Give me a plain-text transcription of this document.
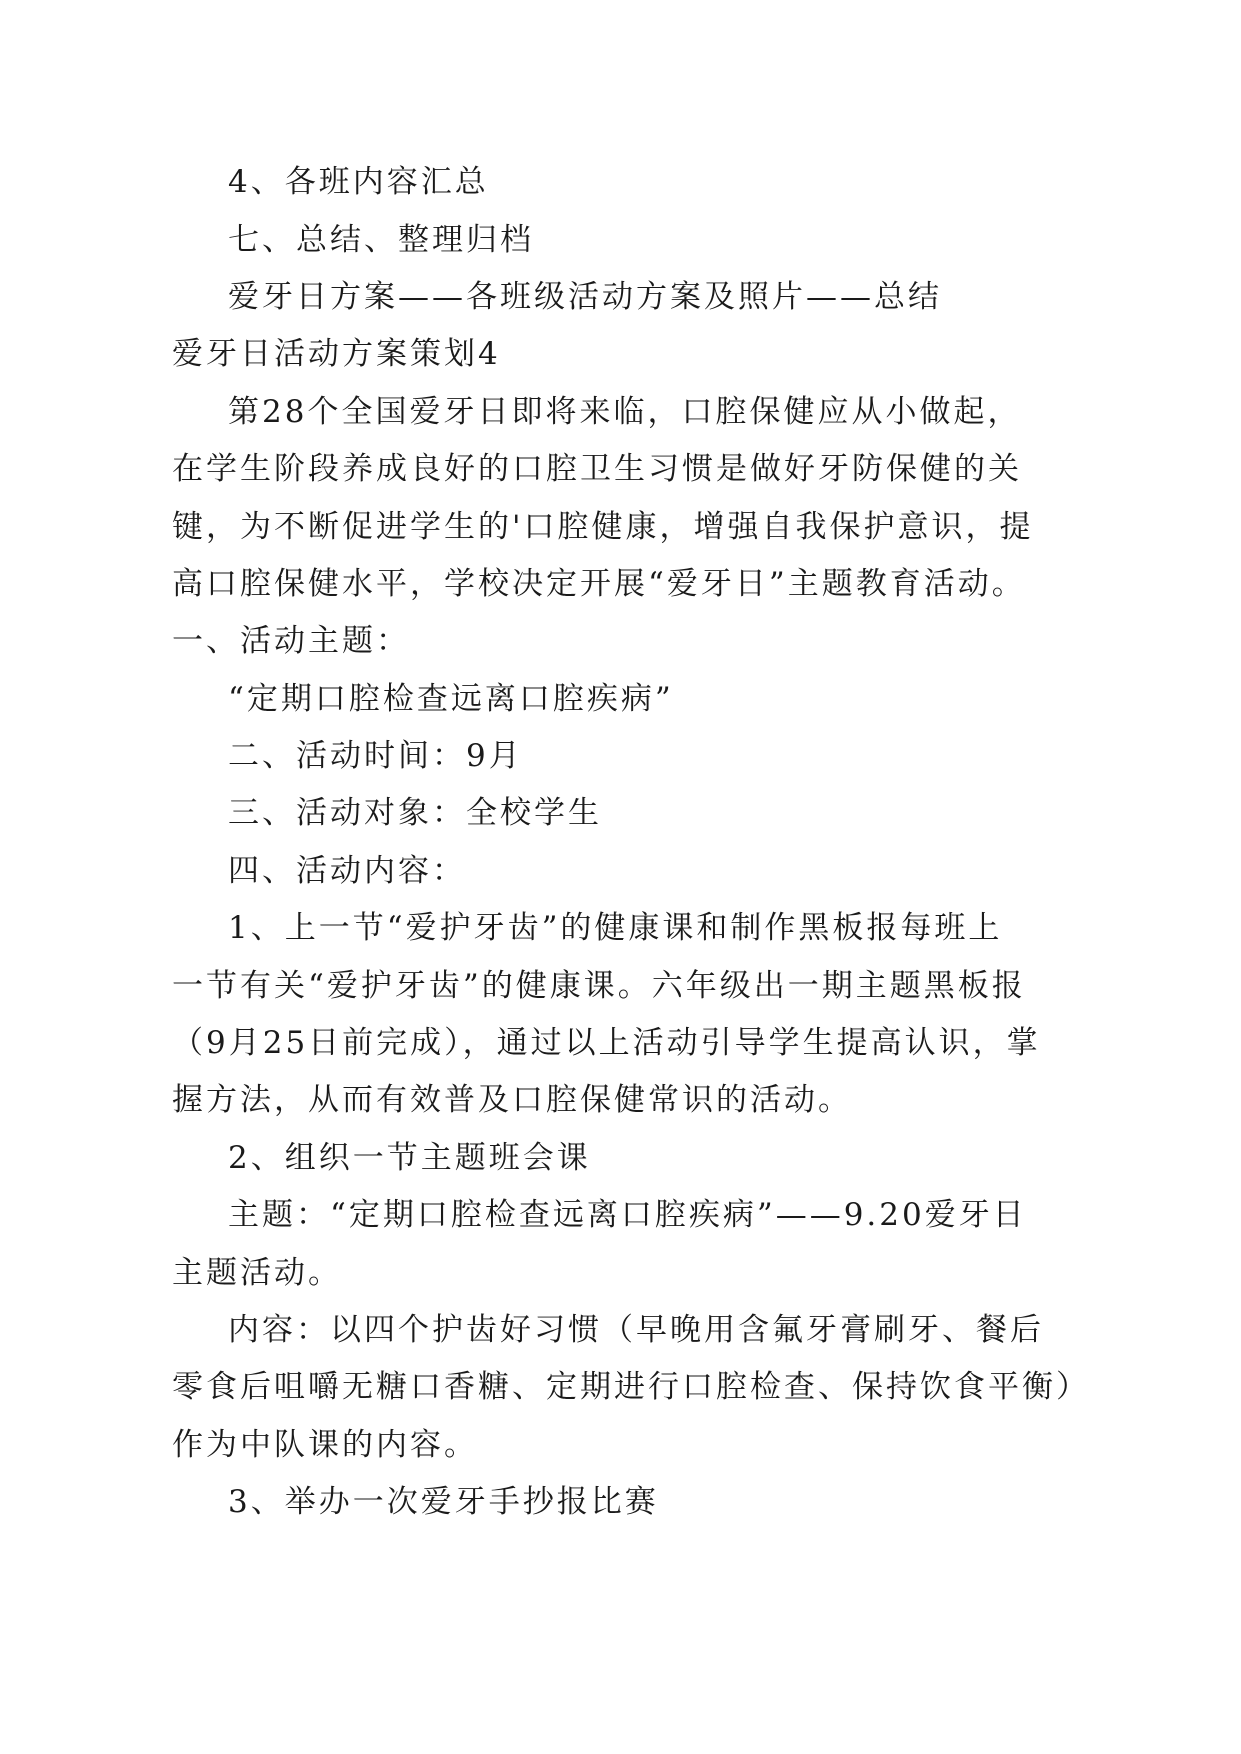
4、各班内容汇总
七、总结、整理归档
爱牙日方案——各班级活动方案及照片——总结
爱牙日活动方案策划4
第28个全国爱牙日即将来临，口腔保健应从小做起，
在学生阶段养成良好的口腔卫生习惯是做好牙防保健的关
键，为不断促进学生的'口腔健康，增强自我保护意识，提
高口腔保健水平，学校决定开展“爱牙日”主题教育活动。
一、活动主题：
“定期口腔检查远离口腔疾病”
二、活动时间：9月
三、活动对象：全校学生
四、活动内容：
1、上一节“爱护牙齿”的健康课和制作黑板报每班上
一节有关“爱护牙齿”的健康课。六年级出一期主题黑板报
（9月25日前完成），通过以上活动引导学生提高认识，掌
握方法，从而有效普及口腔保健常识的活动。
2、组织一节主题班会课
主题：“定期口腔检查远离口腔疾病”——9.20爱牙日
主题活动。
内容：以四个护齿好习惯（早晚用含氟牙膏刷牙、餐后
零食后咀嚼无糖口香糖、定期进行口腔检查、保持饮食平衡）
作为中队课的内容。
3、举办一次爱牙手抄报比赛
